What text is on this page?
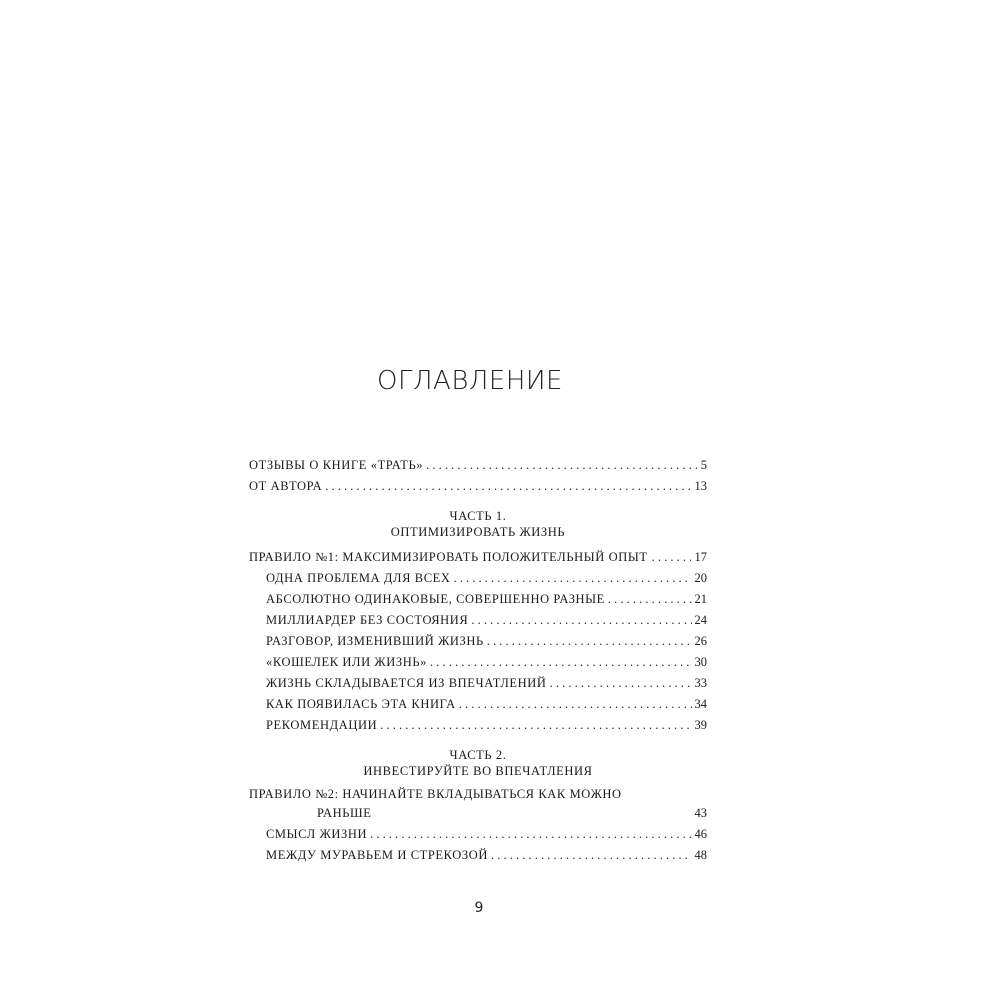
ОГЛАВЛЕНИЕ
ОТЗЫВЫ О КНИГЕ «ТРАТЬ» . . .	5
ОТ АВТОРА . . .	13
ЧАСТЬ 1.
ОПТИМИЗИРОВАТЬ ЖИЗНЬ
ПРАВИЛО №1: МАКСИМИЗИРОВАТЬ ПОЛОЖИТЕЛЬНЫЙ ОПЫТ . . .	17
ОДНА ПРОБЛЕМА ДЛЯ ВСЕХ . . .	20
АБСОЛЮТНО ОДИНАКОВЫЕ, СОВЕРШЕННО РАЗНЫЕ . . .	21
МИЛЛИАРДЕР БЕЗ СОСТОЯНИЯ . . .	24
РАЗГОВОР, ИЗМЕНИВШИЙ ЖИЗНЬ . . .	26
«КОШЕЛЕК ИЛИ ЖИЗНЬ» . . .	30
ЖИЗНЬ СКЛАДЫВАЕТСЯ ИЗ ВПЕЧАТЛЕНИЙ . . .	33
КАК ПОЯВИЛАСЬ ЭТА КНИГА . . .	34
РЕКОМЕНДАЦИИ . . .	39
ЧАСТЬ 2.
ИНВЕСТИРУЙТЕ ВО ВПЕЧАТЛЕНИЯ
ПРАВИЛО №2: НАЧИНАЙТЕ ВКЛАДЫВАТЬСЯ КАК МОЖНО
РАНЬШЕ	43
СМЫСЛ ЖИЗНИ . . .	46
МЕЖДУ МУРАВЬЕМ И СТРЕКОЗОЙ . . .	48
9
